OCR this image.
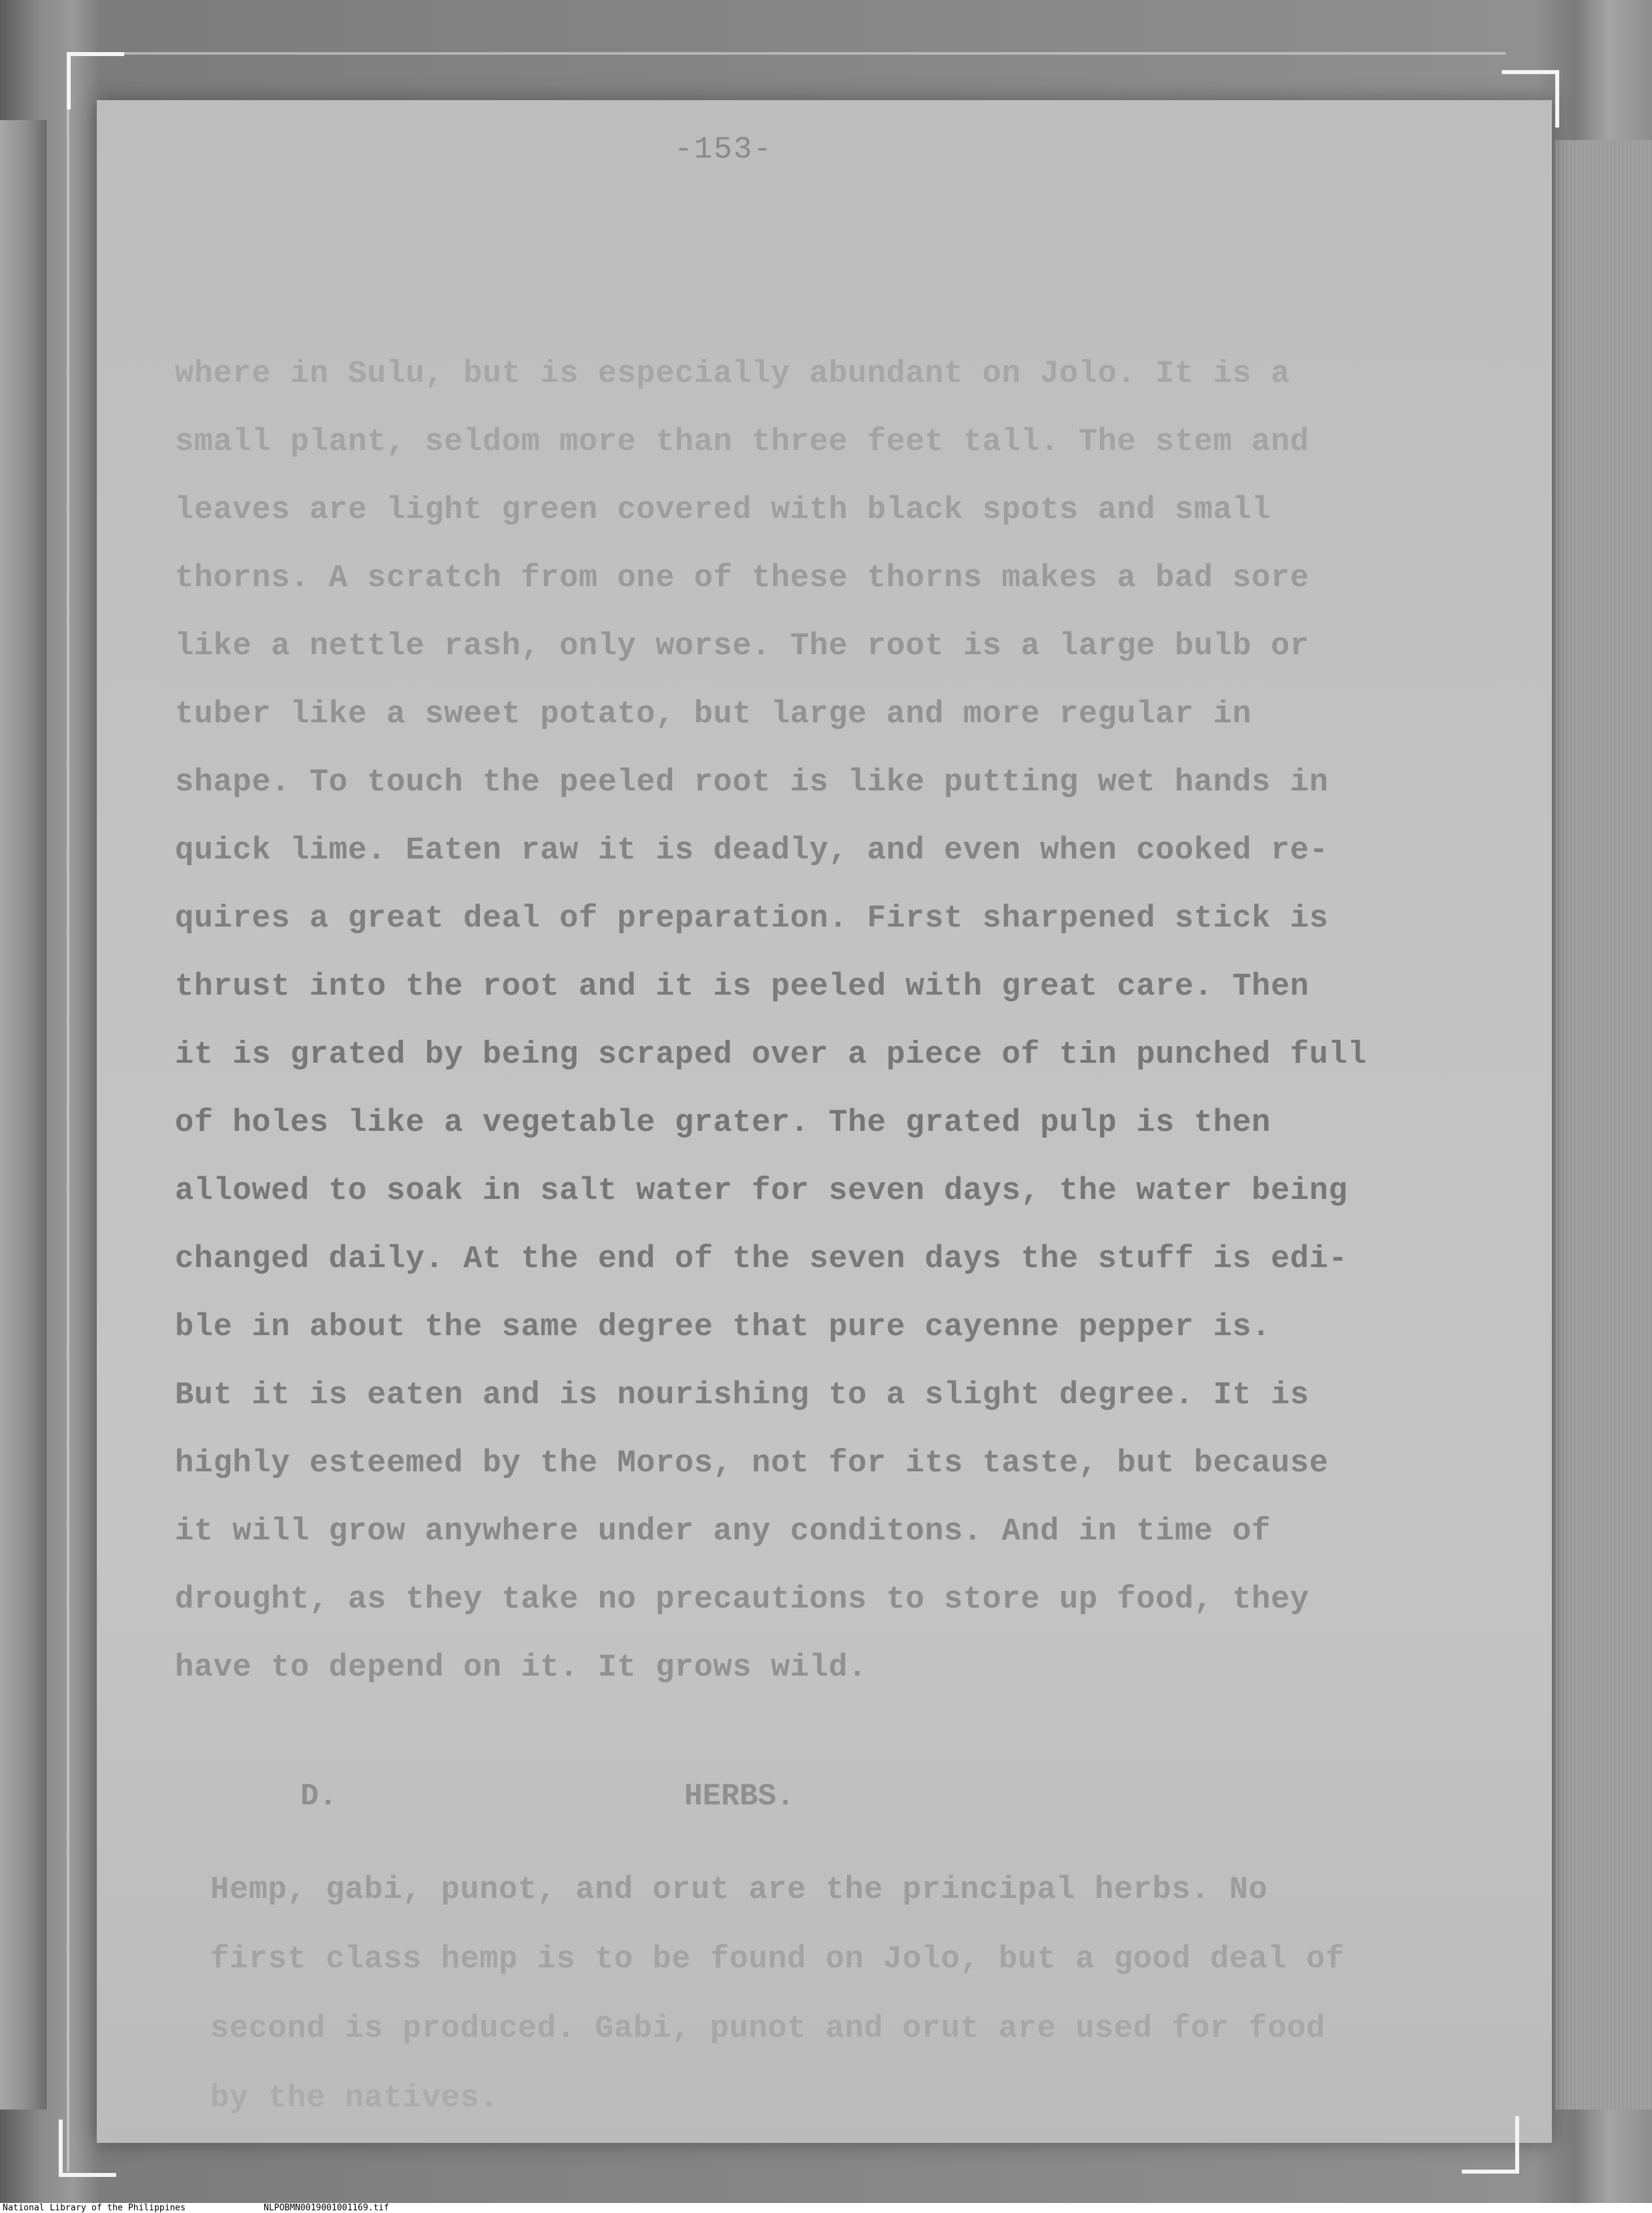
-153-
where in Sulu, but is especially abundant on Jolo. It is a
small plant, seldom more than three feet tall. The stem and
leaves are light green covered with black spots and small
thorns. A scratch from one of these thorns makes a bad sore
like a nettle rash, only worse. The root is a large bulb or
tuber like a sweet potato, but large and more regular in
shape. To touch the peeled root is like putting wet hands in
quick lime. Eaten raw it is deadly, and even when cooked re-
quires a great deal of preparation. First sharpened stick is
thrust into the root and it is peeled with great care. Then
it is grated by being scraped over a piece of tin punched full
of holes like a vegetable grater. The grated pulp is then
allowed to soak in salt water for seven days, the water being
changed daily. At the end of the seven days the stuff is edi-
ble in about the same degree that pure cayenne pepper is.
But it is eaten and is nourishing to a slight degree. It is
highly esteemed by the Moros, not for its taste, but because
it will grow anywhere under any conditons. And in time of
drought, as they take no precautions to store up food, they
have to depend on it. It grows wild.
D.	HERBS.
Hemp, gabi, punot, and orut are the principal herbs. No
first class hemp is to be found on Jolo, but a good deal of
second is produced. Gabi, punot and orut are used for food
by the natives.
National Library of the Philippines	NLPOBMN0019001001169.tif
